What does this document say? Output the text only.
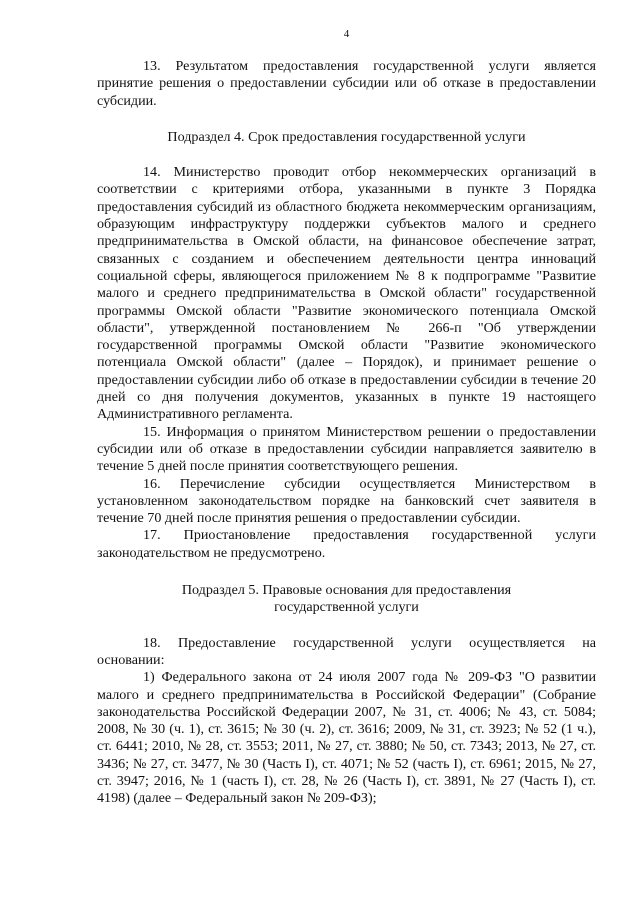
4

13. Результатом предоставления государственной услуги является принятие решения о предоставлении субсидии или об отказе в предоставлении субсидии.

Подраздел 4. Срок предоставления государственной услуги

14. Министерство проводит отбор некоммерческих организаций в соответствии с критериями отбора, указанными в пункте 3 Порядка предоставления субсидий из областного бюджета некоммерческим организациям, образующим инфраструктуру поддержки субъектов малого и среднего предпринимательства в Омской области, на финансовое обеспечение затрат, связанных с созданием и обеспечением деятельности центра инноваций социальной сферы, являющегося приложением № 8 к подпрограмме "Развитие малого и среднего предпринимательства в Омской области" государственной программы Омской области "Развитие экономического потенциала Омской области", утвержденной постановлением № 266-п "Об утверждении государственной программы Омской области "Развитие экономического потенциала Омской области" (далее – Порядок), и принимает решение о предоставлении субсидии либо об отказе в предоставлении субсидии в течение 20 дней со дня получения документов, указанных в пункте 19 настоящего Административного регламента.

15. Информация о принятом Министерством решении о предоставлении субсидии или об отказе в предоставлении субсидии направляется заявителю в течение 5 дней после принятия соответствующего решения.

16. Перечисление субсидии осуществляется Министерством в установленном законодательством порядке на банковский счет заявителя в течение 70 дней после принятия решения о предоставлении субсидии.

17. Приостановление предоставления государственной услуги законодательством не предусмотрено.

Подраздел 5. Правовые основания для предоставления

государственной услуги

18. Предоставление государственной услуги осуществляется на основании:

1) Федерального закона от 24 июля 2007 года № 209-ФЗ "О развитии малого и среднего предпринимательства в Российской Федерации" (Собрание законодательства Российской Федерации 2007, № 31, ст. 4006; № 43, ст. 5084; 2008, № 30 (ч. 1), ст. 3615; № 30 (ч. 2), ст. 3616; 2009, № 31, ст. 3923; № 52 (1 ч.), ст. 6441; 2010, № 28, ст. 3553; 2011, № 27, ст. 3880; № 50, ст. 7343; 2013, № 27, ст. 3436; № 27, ст. 3477, № 30 (Часть I), ст. 4071; № 52 (часть I), ст. 6961; 2015, № 27, ст. 3947; 2016, № 1 (часть I), ст. 28, № 26 (Часть I), ст. 3891, № 27 (Часть I), ст. 4198) (далее – Федеральный закон № 209-ФЗ);
